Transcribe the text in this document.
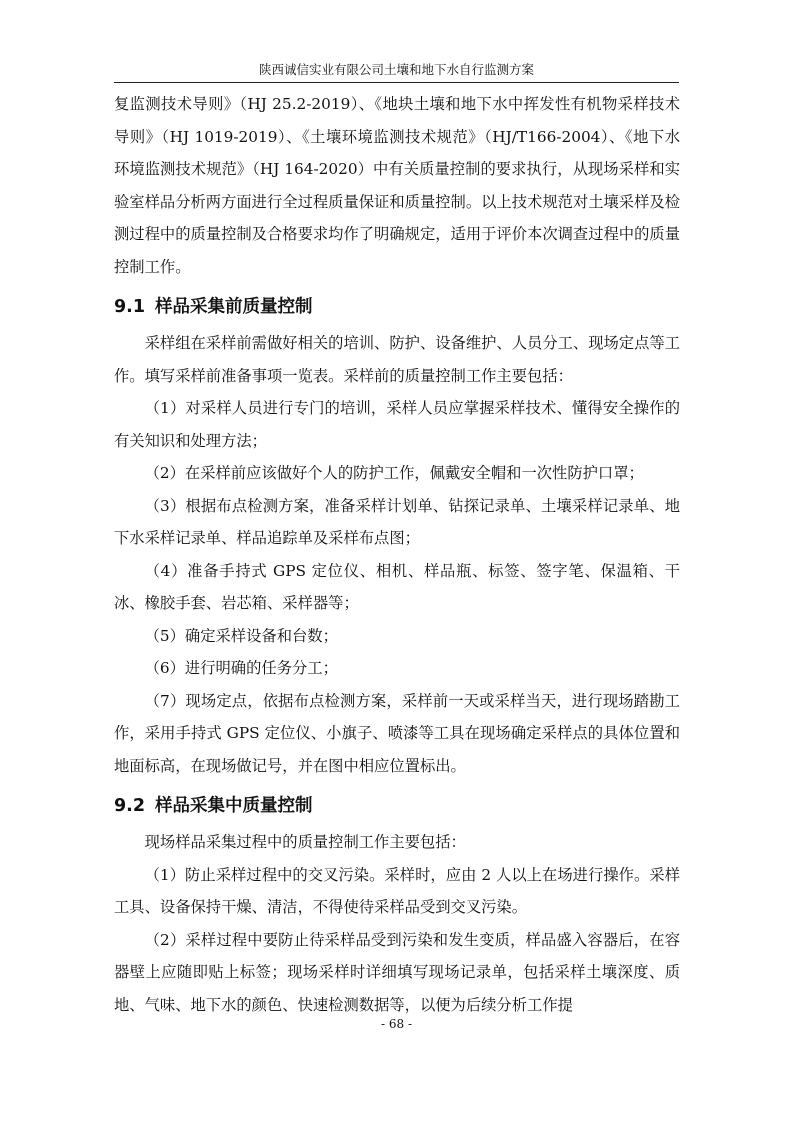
陕西诚信实业有限公司土壤和地下水自行监测方案

复监测技术导则》（HJ 25.2-2019）、《地块土壤和地下水中挥发性有机物采样技术导则》（HJ 1019-2019）、《土壤环境监测技术规范》（HJ/T166-2004）、《地下水环境监测技术规范》（HJ 164-2020）中有关质量控制的要求执行，从现场采样和实验室样品分析两方面进行全过程质量保证和质量控制。以上技术规范对土壤采样及检测过程中的质量控制及合格要求均作了明确规定，适用于评价本次调查过程中的质量控制工作。

9.1 样品采集前质量控制

采样组在采样前需做好相关的培训、防护、设备维护、人员分工、现场定点等工作。填写采样前准备事项一览表。采样前的质量控制工作主要包括：

（1）对采样人员进行专门的培训，采样人员应掌握采样技术、懂得安全操作的有关知识和处理方法；

（2）在采样前应该做好个人的防护工作，佩戴安全帽和一次性防护口罩；

（3）根据布点检测方案，准备采样计划单、钻探记录单、土壤采样记录单、地下水采样记录单、样品追踪单及采样布点图；

（4）准备手持式 GPS 定位仪、相机、样品瓶、标签、签字笔、保温箱、干冰、橡胶手套、岩芯箱、采样器等；

（5）确定采样设备和台数；

（6）进行明确的任务分工；

（7）现场定点，依据布点检测方案，采样前一天或采样当天，进行现场踏勘工作，采用手持式 GPS 定位仪、小旗子、喷漆等工具在现场确定采样点的具体位置和地面标高，在现场做记号，并在图中相应位置标出。

9.2 样品采集中质量控制

现场样品采集过程中的质量控制工作主要包括：

（1）防止采样过程中的交叉污染。采样时，应由 2 人以上在场进行操作。采样工具、设备保持干燥、清洁，不得使待采样品受到交叉污染。

（2）采样过程中要防止待采样品受到污染和发生变质，样品盛入容器后，在容器壁上应随即贴上标签；现场采样时详细填写现场记录单，包括采样土壤深度、质地、气味、地下水的颜色、快速检测数据等，以便为后续分析工作提

- 68 -
